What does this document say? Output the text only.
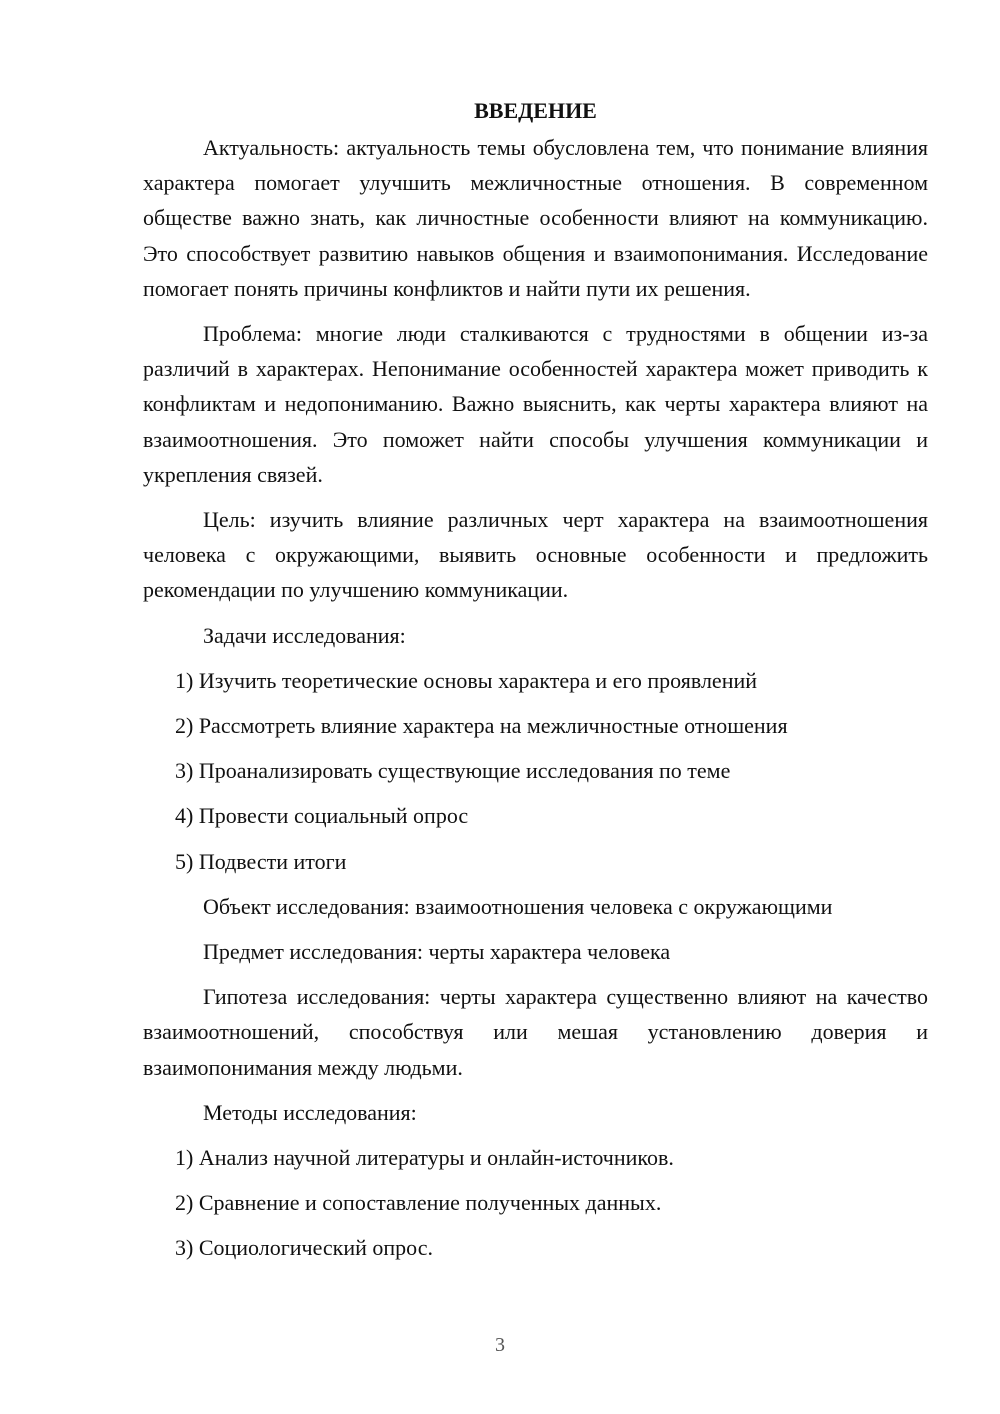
ВВЕДЕНИЕ

Актуальность: актуальность темы обусловлена тем, что понимание влияния характера помогает улучшить межличностные отношения. В современном обществе важно знать, как личностные особенности влияют на коммуникацию. Это способствует развитию навыков общения и взаимопонимания. Исследование помогает понять причины конфликтов и найти пути их решения.

Проблема: многие люди сталкиваются с трудностями в общении из-за различий в характерах. Непонимание особенностей характера может приводить к конфликтам и недопониманию. Важно выяснить, как черты характера влияют на взаимоотношения. Это поможет найти способы улучшения коммуникации и укрепления связей.

Цель: изучить влияние различных черт характера на взаимоотношения человека с окружающими, выявить основные особенности и предложить рекомендации по улучшению коммуникации.

Задачи исследования:

1) Изучить теоретические основы характера и его проявлений
2) Рассмотреть влияние характера на межличностные отношения
3) Проанализировать существующие исследования по теме
4) Провести социальный опрос
5) Подвести итоги

Объект исследования: взаимоотношения человека с окружающими

Предмет исследования: черты характера человека

Гипотеза исследования: черты характера существенно влияют на качество взаимоотношений, способствуя или мешая установлению доверия и взаимопонимания между людьми.

Методы исследования:

1) Анализ научной литературы и онлайн-источников.
2) Сравнение и сопоставление полученных данных.
3) Социологический опрос.
3
